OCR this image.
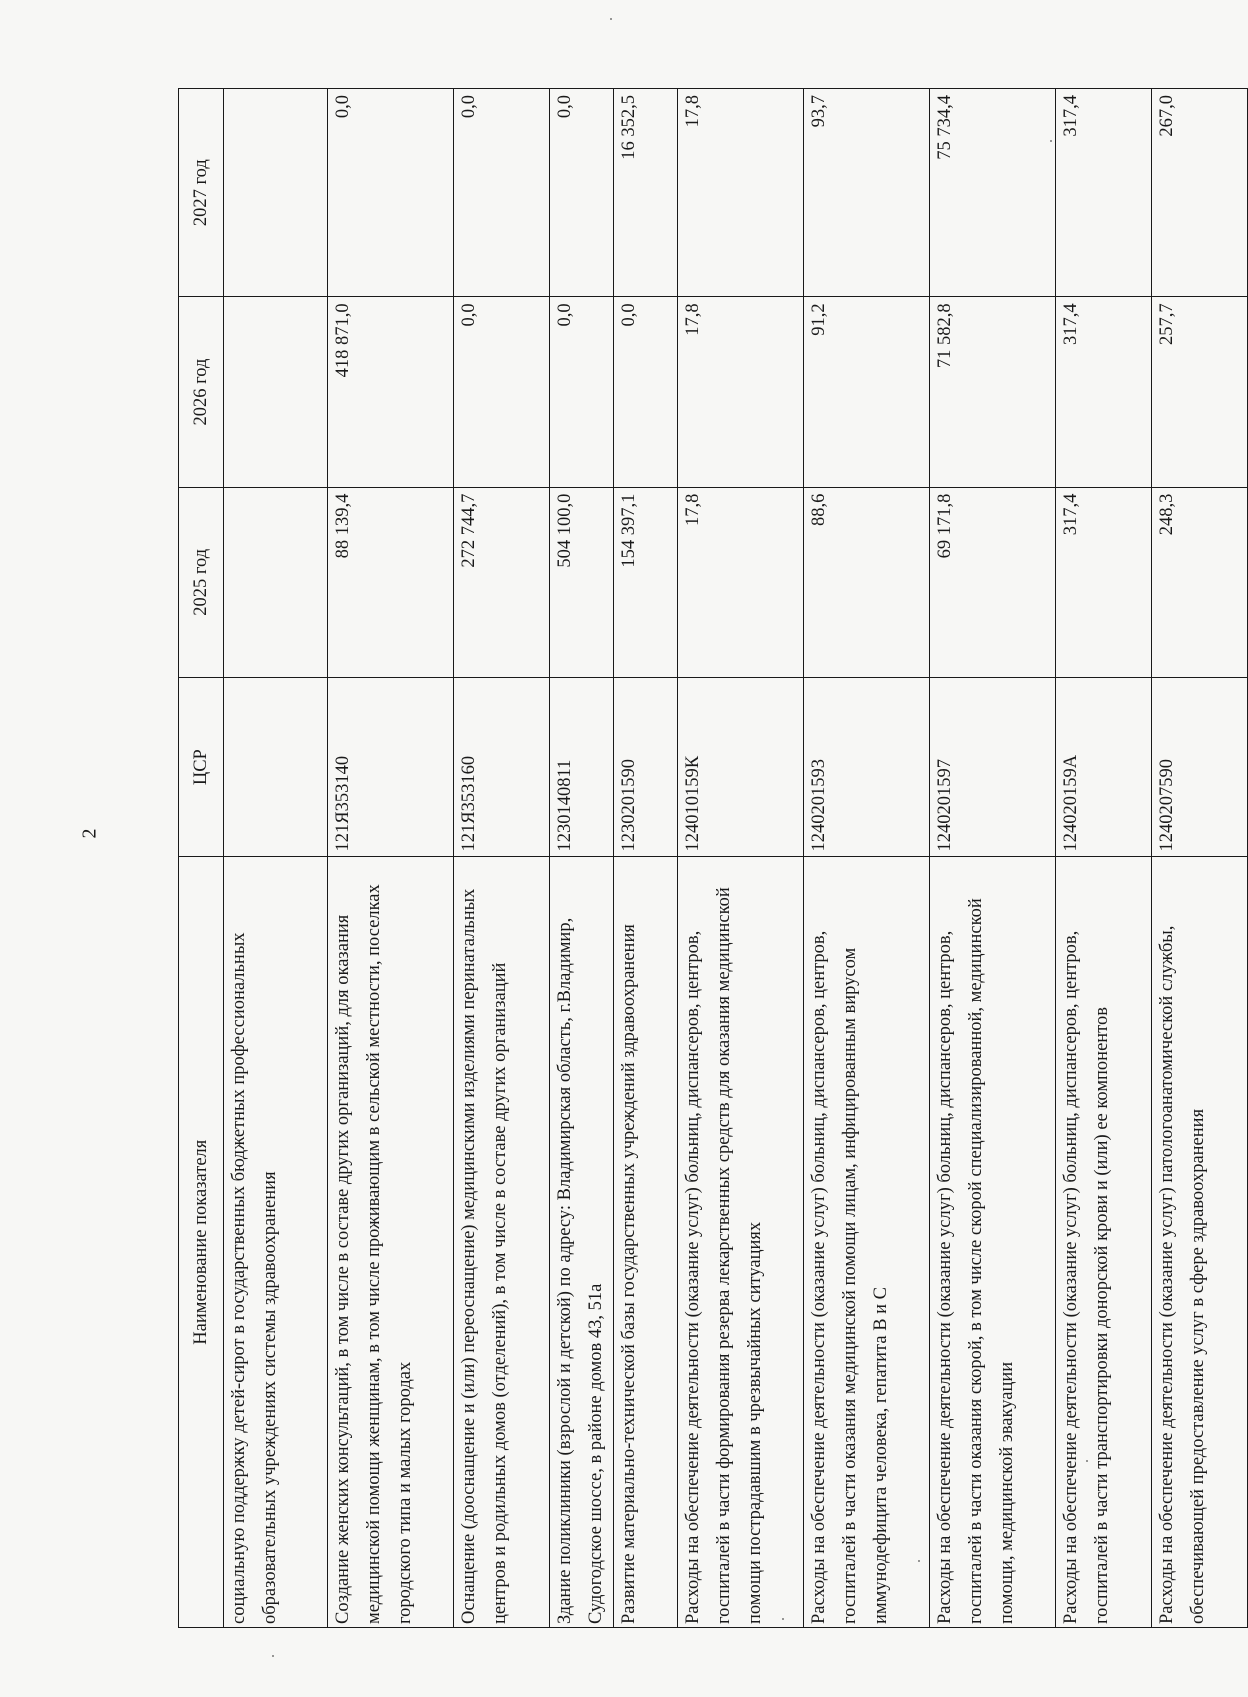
2
Наименование показателя	ЦСР	2025 год	2026 год	2027 год
социальную поддержку детей-сирот в государственных бюджетных профессиональных образовательных учреждениях системы здравоохранения				
Создание женских консультаций, в том числе в составе других организаций, для оказания медицинской помощи женщинам, в том числе проживающим в сельской местности, поселках городского типа и малых городах	121Я353140	88 139,4	418 871,0	0,0
Оснащение (дооснащение и (или) переоснащение) медицинскими изделиями перинатальных центров и родильных домов (отделений), в том числе в составе других организаций	121Я353160	272 744,7	0,0	0,0
Здание поликлиники (взрослой и детской) по адресу: Владимирская область, г.Владимир, Судогодское шоссе, в районе домов 43, 51а	1230140811	504 100,0	0,0	0,0
Развитие материально-технической базы государственных учреждений здравоохранения	1230201590	154 397,1	0,0	16 352,5
Расходы на обеспечение деятельности (оказание услуг) больниц, диспансеров, центров, госпиталей в части формирования резерва лекарственных средств для оказания медицинской помощи пострадавшим в чрезвычайных ситуациях	124010159К	17,8	17,8	17,8
Расходы на обеспечение деятельности (оказание услуг) больниц, диспансеров, центров, госпиталей в части оказания медицинской помощи лицам, инфицированным вирусом иммунодефицита человека, гепатита В и С	1240201593	88,6	91,2	93,7
Расходы на обеспечение деятельности (оказание услуг) больниц, диспансеров, центров, госпиталей в части оказания скорой, в том числе скорой специализированной, медицинской помощи, медицинской эвакуации	1240201597	69 171,8	71 582,8	75 734,4
Расходы на обеспечение деятельности (оказание услуг) больниц, диспансеров, центров, госпиталей в части транспортировки донорской крови и (или) ее компонентов	124020159А	317,4	317,4	317,4
Расходы на обеспечение деятельности (оказание услуг) патологоанатомической службы, обеспечивающей предоставление услуг в сфере здравоохранения	1240207590	248,3	257,7	267,0
